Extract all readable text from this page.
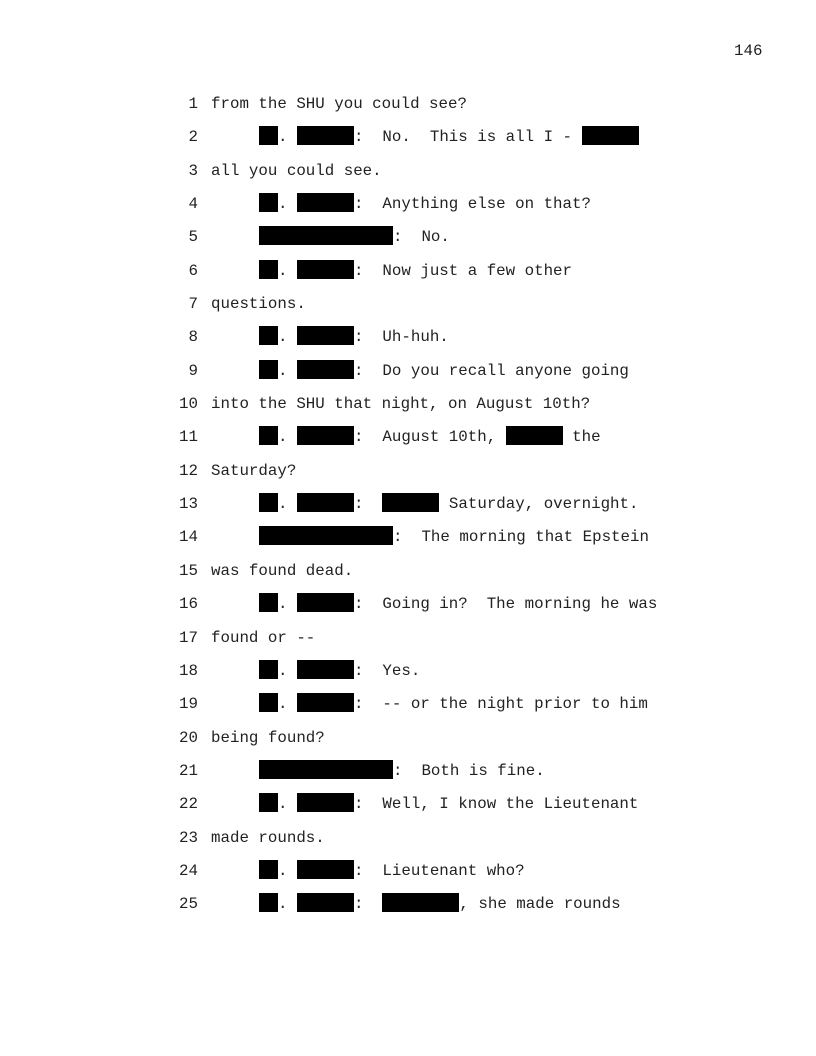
146
1 from the SHU you could see?
2	.	: No. This is all I -
3 all you could see.
4	.	: Anything else on that?
5	: No.
6	.	: Now just a few other
7 questions.
8	.	: Uh-huh.
9	.	: Do you recall anyone going
10 into the SHU that night, on August 10th?
11	.	: August 10th,	the
12 Saturday?
13	.	:	Saturday, overnight.
14	: The morning that Epstein
15 was found dead.
16	.	: Going in?  The morning he was
17 found or --
18	.	: Yes.
19	.	: -- or the night prior to him
20 being found?
21	: Both is fine.
22	.	: Well, I know the Lieutenant
23 made rounds.
24	.	: Lieutenant who?
25	.	:	, she made rounds
